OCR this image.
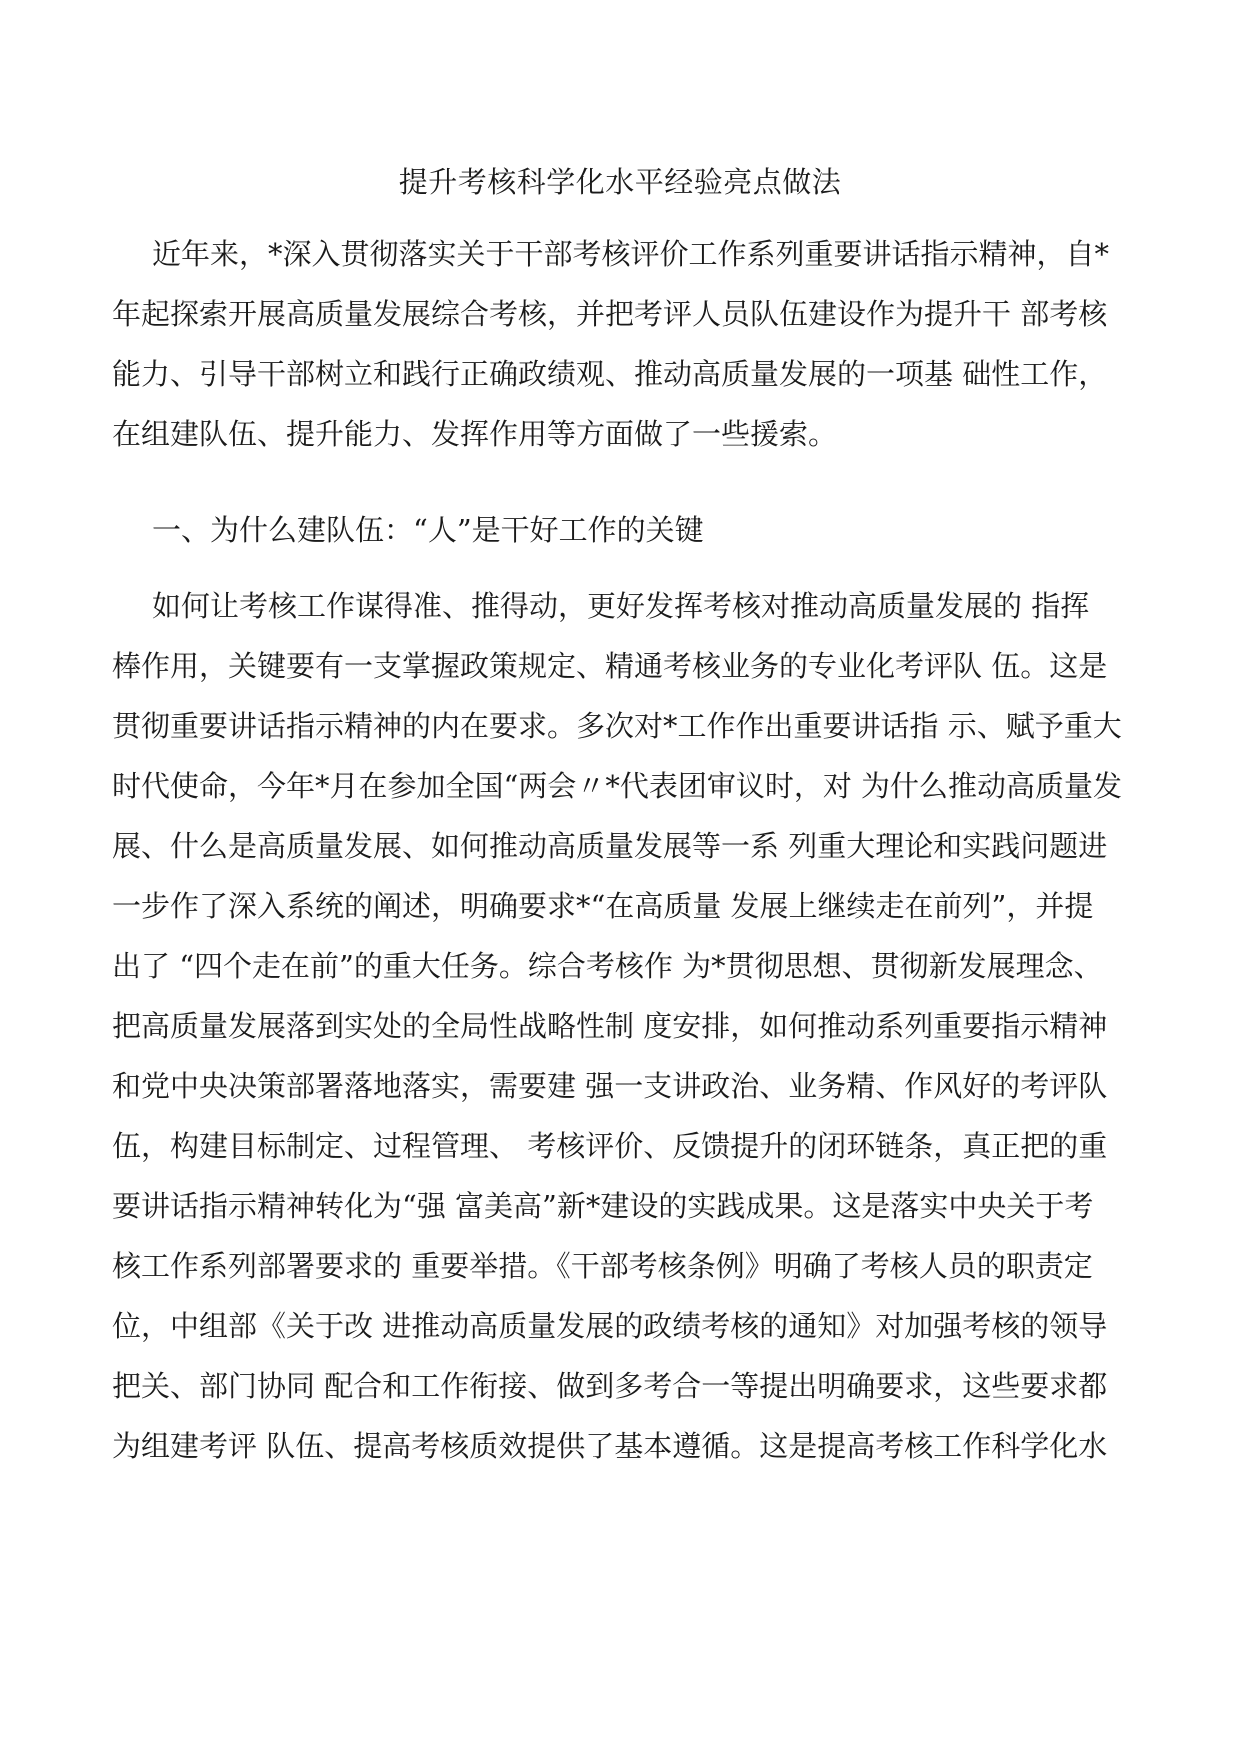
提升考核科学化水平经验亮点做法

近年来，*深入贯彻落实关于干部考核评价工作系列重要讲话指示精神，自*

年起探索开展高质量发展综合考核，并把考评人员队伍建设作为提升干 部考核

能力、引导干部树立和践行正确政绩观、推动高质量发展的一项基 础性工作，

在组建队伍、提升能力、发挥作用等方面做了一些援索。

一、为什么建队伍：“人”是干好工作的关键

如何让考核工作谋得准、推得动，更好发挥考核对推动高质量发展的 指挥

棒作用，关键要有一支掌握政策规定、精通考核业务的专业化考评队 伍。这是

贯彻重要讲话指示精神的内在要求。多次对*工作作出重要讲话指 示、赋予重大

时代使命，今年*月在参加全国“两会〃*代表团审议时，对 为什么推动高质量发

展、什么是高质量发展、如何推动高质量发展等一系 列重大理论和实践问题进

一步作了深入系统的阐述，明确要求*“在高质量 发展上继续走在前列”，并提

出了 “四个走在前”的重大任务。综合考核作 为*贯彻思想、贯彻新发展理念、

把高质量发展落到实处的全局性战略性制 度安排，如何推动系列重要指示精神

和党中央决策部署落地落实，需要建 强一支讲政治、业务精、作风好的考评队

伍，构建目标制定、过程管理、 考核评价、反馈提升的闭环链条，真正把的重

要讲话指示精神转化为“强 富美高”新*建设的实践成果。这是落实中央关于考

核工作系列部署要求的 重要举措。《干部考核条例》明确了考核人员的职责定

位，中组部《关于改 进推动高质量发展的政绩考核的通知》对加强考核的领导

把关、部门协同 配合和工作衔接、做到多考合一等提出明确要求，这些要求都

为组建考评 队伍、提高考核质效提供了基本遵循。这是提高考核工作科学化水
